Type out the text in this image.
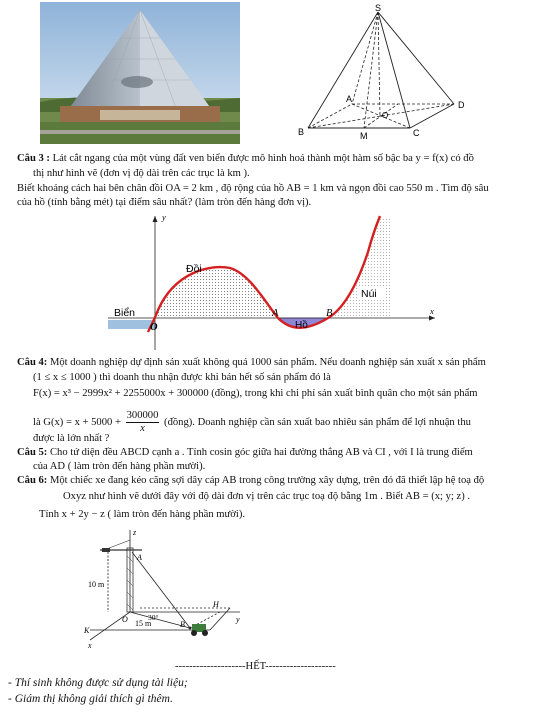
S
A
B	C
D
M
O
Câu 3 : Lát cắt ngang của một vùng đất ven biển được mô hình hoá thành một hàm số bậc ba y = f(x) có đồ
thị như hình vẽ (đơn vị độ dài trên các trục là km ).
Biết khoảng cách hai bên chân đồi OA = 2 km , độ rộng của hồ AB = 1 km và ngọn đồi cao 550 m . Tìm độ sâu
của hồ (tính bằng mét) tại điểm sâu nhất? (làm tròn đến hàng đơn vị).
y
x
O
Đồi
Biển	A	B
Hồ
Núi
Câu 4: Một doanh nghiệp dự định sản xuất không quá 1000 sản phẩm. Nếu doanh nghiệp sản xuất x sản phẩm
(1 ≤ x ≤ 1000 ) thì doanh thu nhận được khi bán hết số sản phẩm đó là
F(x) = x³ − 2999x² + 2255000x + 300000 (đồng), trong khi chi phí sản xuất bình quân cho một sản phẩm
là $G(x) = x + 5000 + \frac{300000}{x}$ (đồng). Doanh nghiệp cần sản xuất bao nhiêu sản phẩm để lợi nhuận thu
được là lớn nhất ?
Câu 5: Cho tứ diện đều ABCD cạnh a . Tính cosin góc giữa hai đường thẳng AB và CI , với I là trung điểm
của AD ( làm tròn đến hàng phần mười).
Câu 6: Một chiếc xe đang kéo căng sợi dây cáp AB trong công trường xây dựng, trên đó đã thiết lập hệ toạ độ
Oxyz như hình vẽ dưới đây với độ dài đơn vị trên các trục toạ độ bằng 1m . Biết AB = (x; y; z) .
Tính x + 2y − z ( làm tròn đến hàng phần mười).
z
A
10 m
30°
15 m
O
B
H
K
x
y
--------------------HẾT--------------------
- Thí sinh không được sử dụng tài liệu;
- Giám thị không giải thích gì thêm.
